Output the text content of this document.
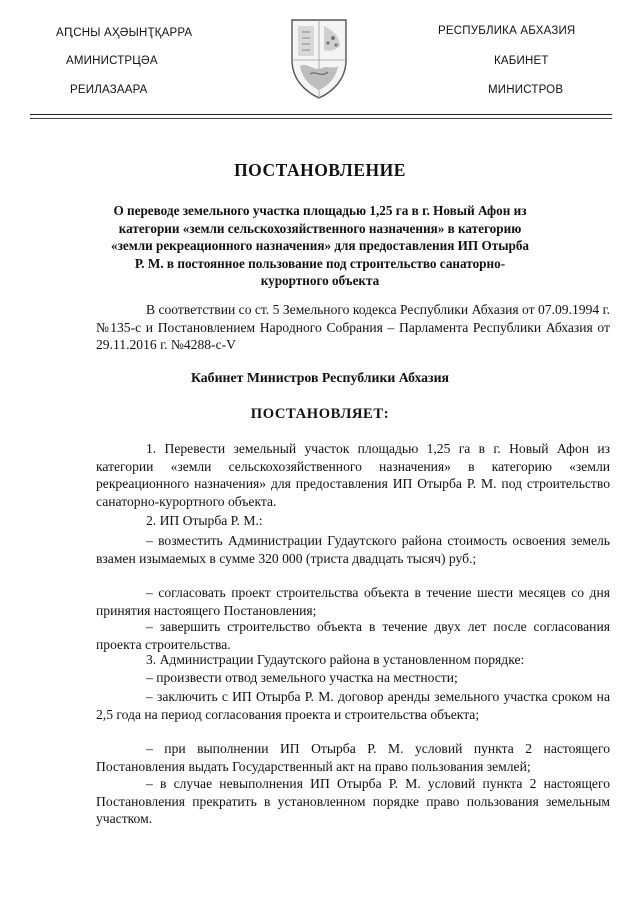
АԤСНЫ АҲӘЫНҬҚАРРА
АМИНИСТРЦӘА
РЕИЛАЗААРА
РЕСПУБЛИКА АБХАЗИЯ
КАБИНЕТ
МИНИСТРОВ
ПОСТАНОВЛЕНИЕ
О переводе земельного участка площадью 1,25 га в г. Новый Афон из категории «земли сельскохозяйственного назначения» в категорию «земли рекреационного назначения» для предоставления ИП Отырба Р. М. в постоянное пользование под строительство санаторно-курортного объекта
В соответствии со ст. 5 Земельного кодекса Республики Абхазия от 07.09.1994 г. №135-с и Постановлением Народного Собрания – Парламента Республики Абхазия от 29.11.2016 г. №4288-с-V
Кабинет Министров Республики Абхазия
ПОСТАНОВЛЯЕТ:
1. Перевести земельный участок площадью 1,25 га в г. Новый Афон из категории «земли сельскохозяйственного назначения» в категорию «земли рекреационного назначения» для предоставления ИП Отырба Р. М. под строительство санаторно-курортного объекта.
2. ИП Отырба Р. М.:
– возместить Администрации Гудаутского района стоимость освоения земель взамен изымаемых в сумме 320 000 (триста двадцать тысяч) руб.;
– согласовать проект строительства объекта в течение шести месяцев со дня принятия настоящего Постановления;
– завершить строительство объекта в течение двух лет после согласования проекта строительства.
3. Администрации Гудаутского района в установленном порядке:
– произвести отвод земельного участка на местности;
– заключить с ИП Отырба Р. М. договор аренды земельного участка сроком на 2,5 года на период согласования проекта и строительства объекта;
– при выполнении ИП Отырба Р. М. условий пункта 2 настоящего Постановления выдать Государственный акт на право пользования землей;
– в случае невыполнения ИП Отырба Р. М. условий пункта 2 настоящего Постановления прекратить в установленном порядке право пользования земельным участком.
